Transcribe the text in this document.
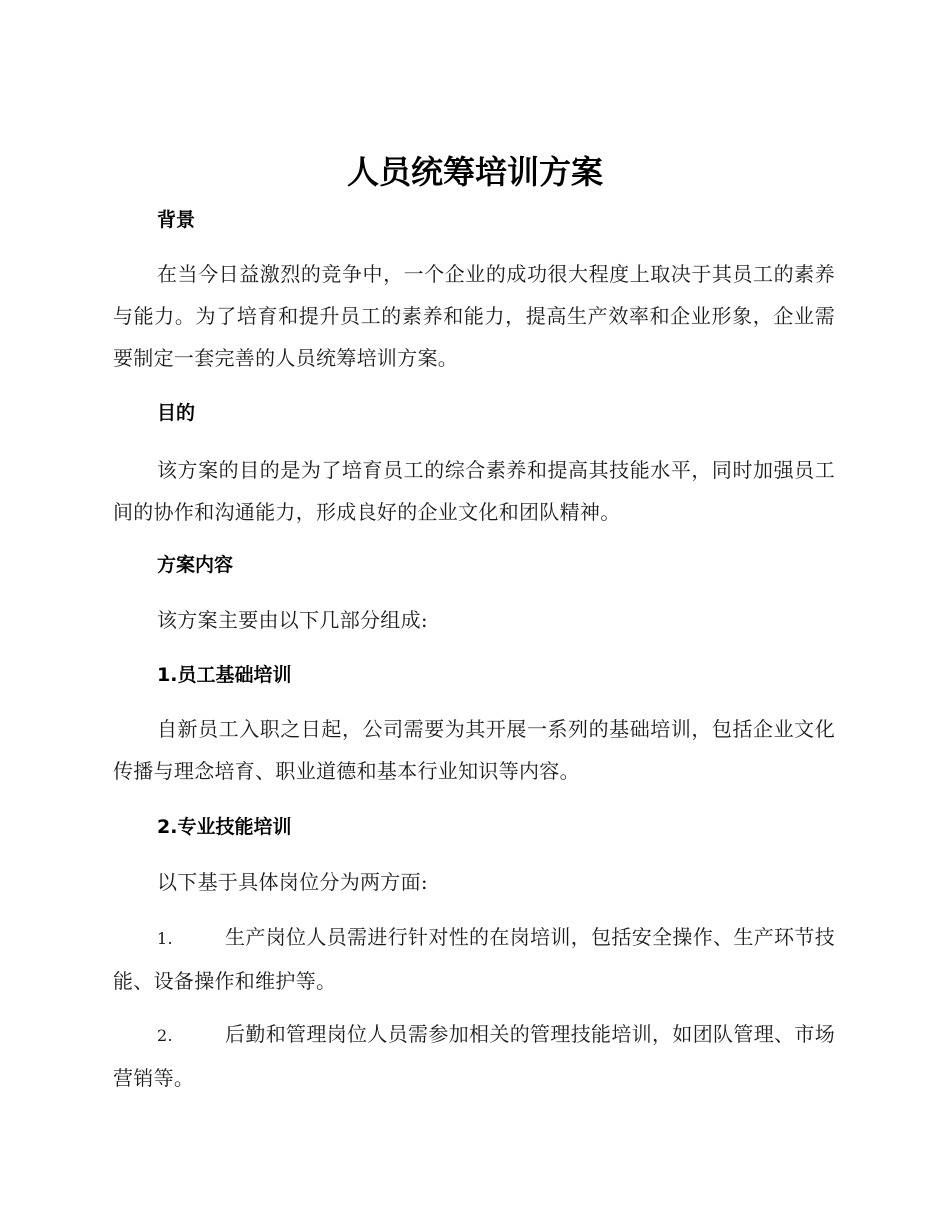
人员统筹培训方案
背景

在当今日益激烈的竞争中，一个企业的成功很大程度上取决于其员工的素养与能力。为了培育和提升员工的素养和能力，提高生产效率和企业形象，企业需要制定一套完善的人员统筹培训方案。

目的

该方案的目的是为了培育员工的综合素养和提高其技能水平，同时加强员工间的协作和沟通能力，形成良好的企业文化和团队精神。

方案内容

该方案主要由以下几部分组成:

1.员工基础培训

自新员工入职之日起，公司需要为其开展一系列的基础培训，包括企业文化传播与理念培育、职业道德和基本行业知识等内容。

2.专业技能培训

以下基于具体岗位分为两方面:

1.	生产岗位人员需进行针对性的在岗培训，包括安全操作、生产环节技能、设备操作和维护等。

2.	后勤和管理岗位人员需参加相关的管理技能培训，如团队管理、市场营销等。
